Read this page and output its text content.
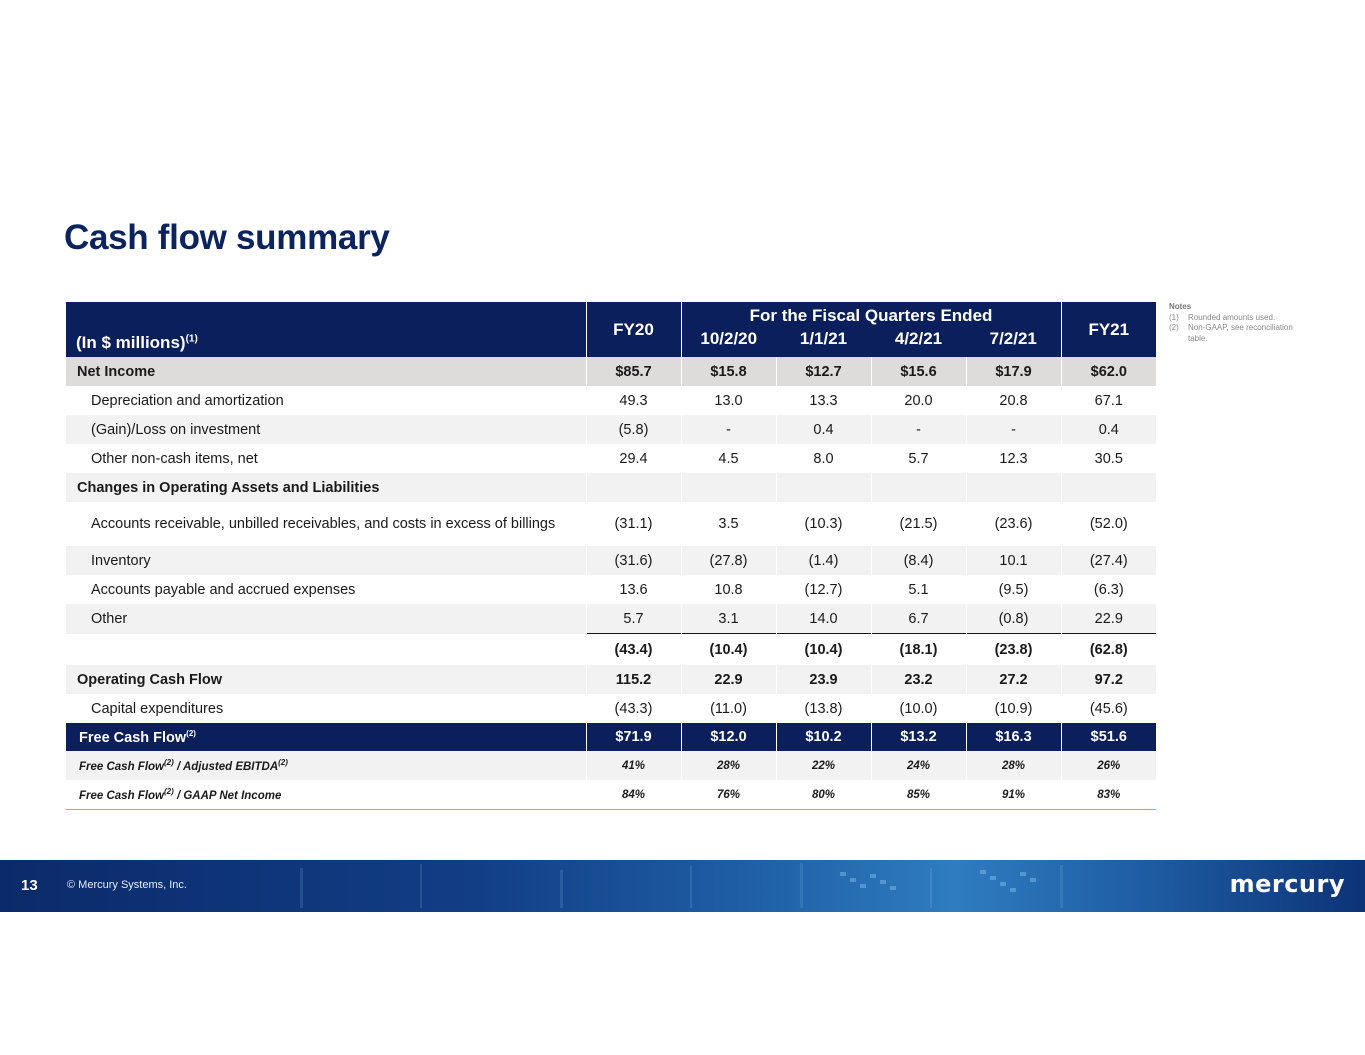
Cash flow summary
Notes
(1)	Rounded amounts used.
(2)	Non-GAAP, see reconciliation table.
(In $ millions)$^{(1)}$	FY20	For the Fiscal Quarters Ended				FY21
		10/2/20	1/1/21	4/2/21	7/2/21	
Net Income	$85.7	$15.8	$12.7	$15.6	$17.9	$62.0
Depreciation and amortization	49.3	13.0	13.3	20.0	20.8	67.1
(Gain)/Loss on investment	(5.8)	-	0.4	-	-	0.4
Other non-cash items, net	29.4	4.5	8.0	5.7	12.3	30.5
Changes in Operating Assets and Liabilities						
Accounts receivable, unbilled receivables, and costs in excess of billings	(31.1)	3.5	(10.3)	(21.5)	(23.6)	(52.0)
Inventory	(31.6)	(27.8)	(1.4)	(8.4)	10.1	(27.4)
Accounts payable and accrued expenses	13.6	10.8	(12.7)	5.1	(9.5)	(6.3)
Other	5.7	3.1	14.0	6.7	(0.8)	22.9
	(43.4)	(10.4)	(10.4)	(18.1)	(23.8)	(62.8)
Operating Cash Flow	115.2	22.9	23.9	23.2	27.2	97.2
Capital expenditures	(43.3)	(11.0)	(13.8)	(10.0)	(10.9)	(45.6)
Free Cash Flow$^{(2)}$	$71.9	$12.0	$10.2	$13.2	$16.3	$51.6
Free Cash Flow$^{(2)}$ / Adjusted EBITDA$^{(2)}$	41%	28%	22%	24%	28%	26%
Free Cash Flow$^{(2)}$ / GAAP Net Income	84%	76%	80%	85%	91%	83%
13	© Mercury Systems, Inc.	mercury
